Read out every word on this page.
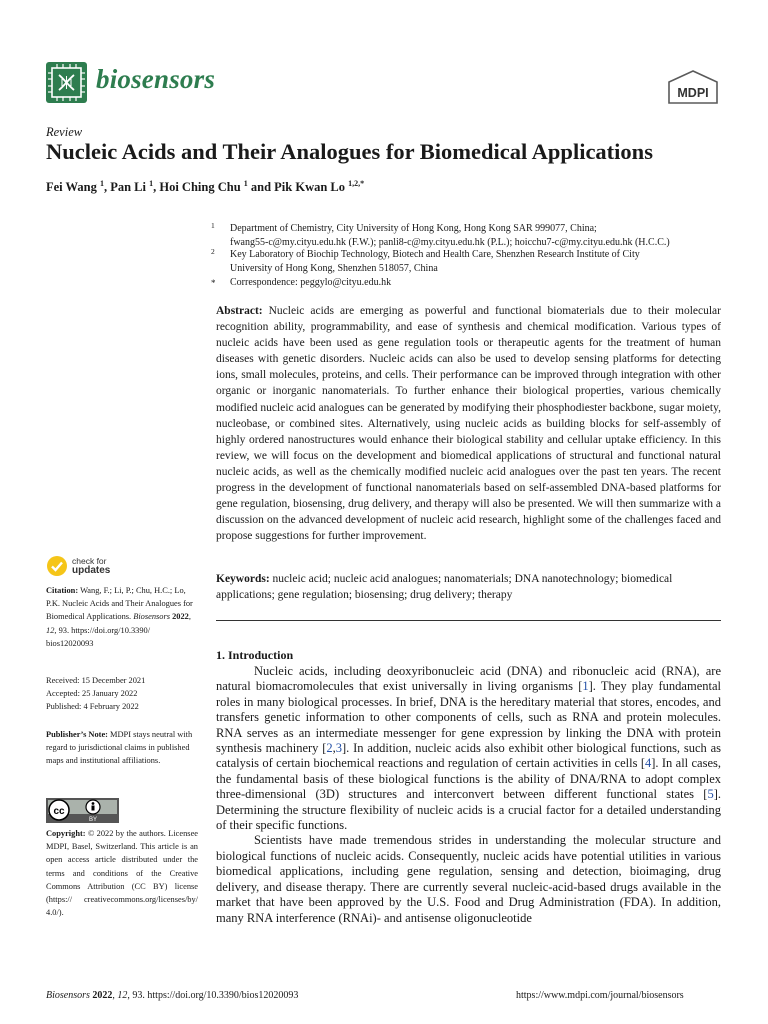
biosensors	MDPI
Review
Nucleic Acids and Their Analogues for Biomedical Applications
Fei Wang $^1$, Pan Li $^1$, Hoi Ching Chu $^1$ and Pik Kwan Lo $^{1,2,*}$
1	Department of Chemistry, City University of Hong Kong, Hong Kong SAR 999077, China;
fwang55-c@my.cityu.edu.hk (F.W.); panli8-c@my.cityu.edu.hk (P.L.); hoicchu7-c@my.cityu.edu.hk (H.C.C.)
2	Key Laboratory of Biochip Technology, Biotech and Health Care, Shenzhen Research Institute of City
University of Hong Kong, Shenzhen 518057, China
*	Correspondence: peggylo@cityu.edu.hk
Abstract: Nucleic acids are emerging as powerful and functional biomaterials due to their molecular recognition ability, programmability, and ease of synthesis and chemical modification. Various types of nucleic acids have been used as gene regulation tools or therapeutic agents for the treatment of human diseases with genetic disorders. Nucleic acids can also be used to develop sensing platforms for detecting ions, small molecules, proteins, and cells. Their performance can be improved through integration with other organic or inorganic nanomaterials. To further enhance their biological properties, various chemically modified nucleic acid analogues can be generated by modifying their phosphodiester backbone, sugar moiety, nucleobase, or combined sites. Alternatively, using nucleic acids as building blocks for self-assembly of highly ordered nanostructures would enhance their biological stability and cellular uptake efficiency. In this review, we will focus on the development and biomedical applications of structural and functional natural nucleic acids, as well as the chemically modified nucleic acid analogues over the past ten years. The recent progress in the development of functional nanomaterials based on self-assembled DNA-based platforms for gene regulation, biosensing, drug delivery, and therapy will also be presented. We will then summarize with a discussion on the advanced development of nucleic acid research, highlight some of the challenges faced and propose suggestions for further improvement.
Keywords: nucleic acid; nucleic acid analogues; nanomaterials; DNA nanotechnology; biomedical applications; gene regulation; biosensing; drug delivery; therapy
check for
updates
Citation: Wang, F.; Li, P.; Chu, H.C.; Lo, P.K. Nucleic Acids and Their Analogues for Biomedical Applications. Biosensors 2022, 12, 93. https://doi.org/10.3390/ bios12020093
Received: 15 December 2021
Accepted: 25 January 2022
Published: 4 February 2022
Publisher’s Note: MDPI stays neutral with regard to jurisdictional claims in published maps and institutional affiliations.
cc
BY
Copyright: © 2022 by the authors. Licensee MDPI, Basel, Switzerland. This article is an open access article distributed under the terms and conditions of the Creative Commons Attribution (CC BY) license (https:// creativecommons.org/licenses/by/ 4.0/).
1. Introduction

Nucleic acids, including deoxyribonucleic acid (DNA) and ribonucleic acid (RNA), are natural biomacromolecules that exist universally in living organisms [1]. They play fundamental roles in many biological processes. In brief, DNA is the hereditary material that stores, encodes, and transfers genetic information to other components of cells, such as RNA and protein molecules. RNA serves as an intermediate messenger for gene expression by linking the DNA with protein synthesis machinery [2,3]. In addition, nucleic acids also exhibit other biological functions, such as catalysis of certain biochemical reactions and regulation of certain activities in cells [4]. In all cases, the fundamental basis of these biological functions is the ability of DNA/RNA to adopt complex three-dimensional (3D) structures and interconvert between different functional states [5]. Determining the structure flexibility of nucleic acids is a crucial factor for a detailed understanding of their specific functions.

Scientists have made tremendous strides in understanding the molecular structure and biological functions of nucleic acids. Consequently, nucleic acids have potential utilities in various biomedical applications, including gene regulation, sensing and detection, bioimaging, drug delivery, and disease therapy. There are currently several nucleic-acid-based drugs available in the market that have been approved by the U.S. Food and Drug Administration (FDA). In addition, many RNA interference (RNAi)- and antisense oligonucleotide

Biosensors 2022, 12, 93. https://doi.org/10.3390/bios12020093	https://www.mdpi.com/journal/biosensors
